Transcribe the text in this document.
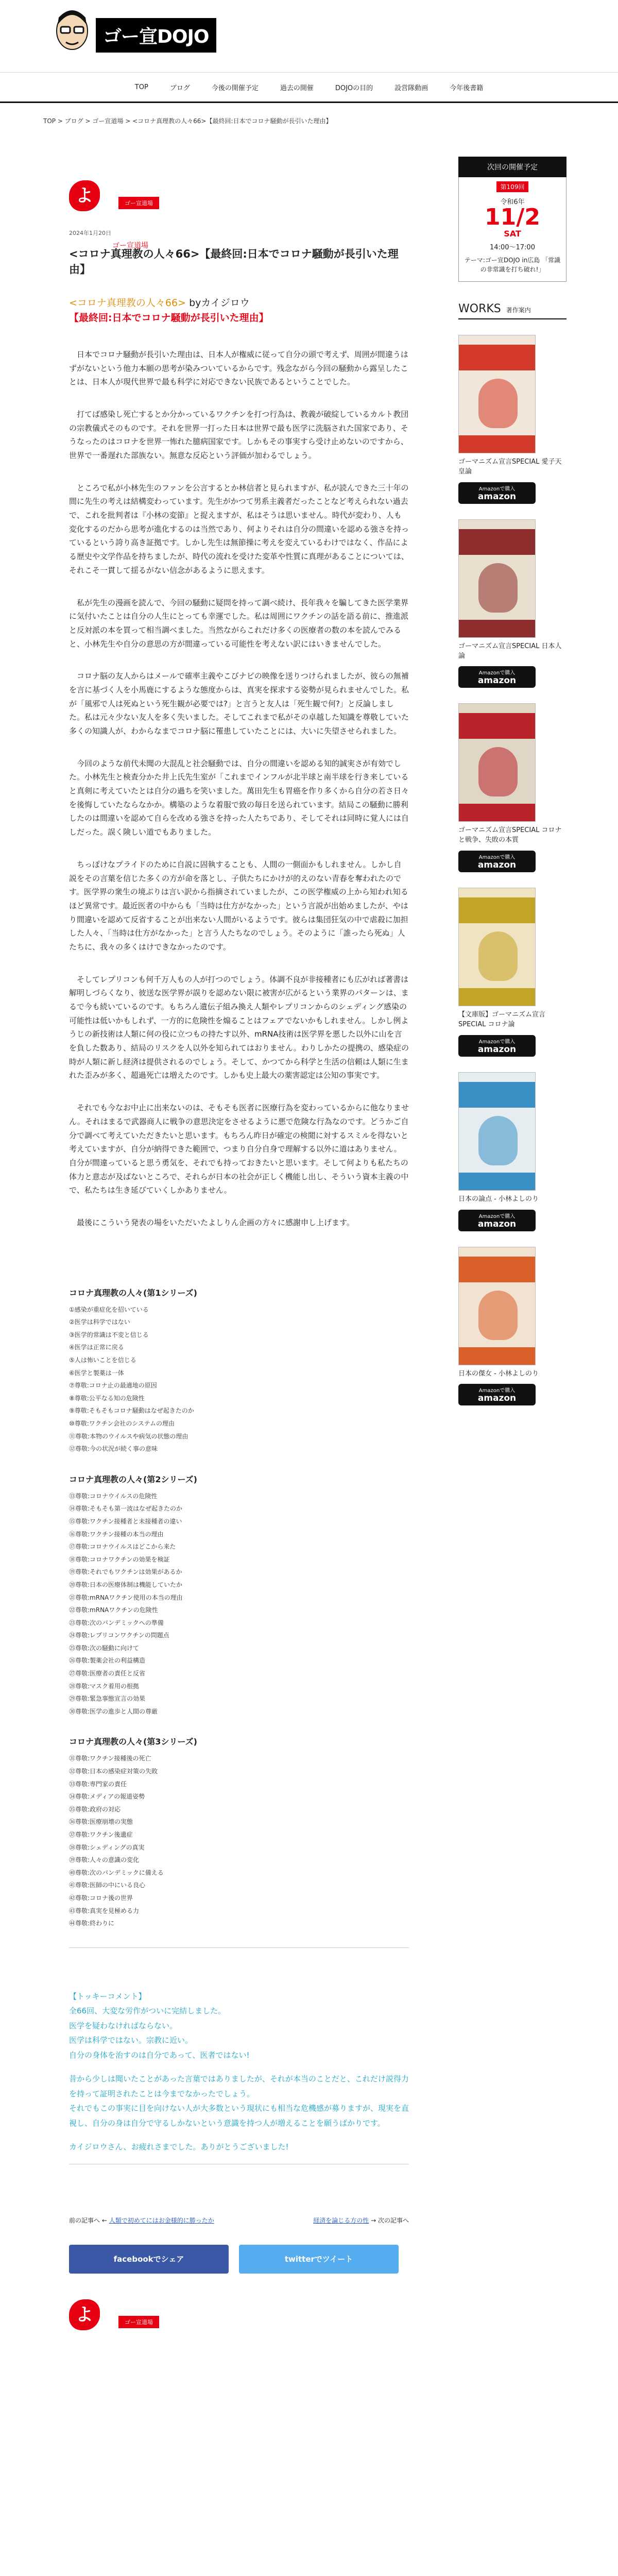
ゴー宣DOJO
TOP	ブログ	今後の開催予定	過去の開催	DOJOの目的	設営隊動画	今年後書籍
TOP > ブログ > ゴー宣道場 > <コロナ真理教の人々66>【最終回:日本でコロナ騒動が長引いた理由】
次回の開催予定
第109回
令和6年
11/2
SAT
14:00〜17:00
テーマ:ゴー宣DOJO in広島 「常識の非常識を打ち破れ!」
WORKS 著作案内
ゴーマニズム宣言SPECIAL 愛子天皇論
Amazonで購入
amazon
ゴーマニズム宣言SPECIAL 日本人論
Amazonで購入
amazon
ゴーマニズム宣言SPECIAL コロナと戦争、失敗の本質
Amazonで購入
amazon
【文庫版】ゴーマニズム宣言SPECIAL コロナ論
Amazonで購入
amazon
日本の論点 - 小林よしのり
Amazonで購入
amazon
日本の傑女 - 小林よしのり
Amazonで購入
amazon
よ	ゴー宣道場
2024年1月20日
ゴー宣道場
<コロナ真理教の人々66>【最終回:日本でコロナ騒動が長引いた理由】
<コロナ真理教の人々66> byカイジロウ
【最終回:日本でコロナ騒動が長引いた理由】

日本でコロナ騒動が長引いた理由は、日本人が権威に従って自分の頭で考えず、周囲が間違うはずがないという他力本願の思考が染みついているからです。残念ながら今回の騒動から露呈したことは、日本人が現代世界で最も科学に対応できない民族であるということでした。

打てば感染し死亡するとか分かっているワクチンを打つ行為は、教義が破綻しているカルト教団の宗教儀式そのものです。それを世界一打った日本は世界で最も医学に洗脳された国家であり、そうなったのはコロナを世界一怖れた臆病国家です。しかもその事実すら受け止めないのですから、世界で一番遅れた部族ない。無意な反応という評価が加わるでしょう。

ところで私が小林先生のファンを公言するとか林信者と見られますが、私が読んできた三十年の間に先生の考えは結構変わっています。先生がかつて男系主義者だったことなど考えられない過去で、これを批判者は『小林の変節』と捉えますが、私はそうは思いません。時代が変わり、人も変化するのだから思考が進化するのは当然であり、何よりそれは自分の間違いを認める強さを持っているという誇り高き証拠です。しかし先生は無節操に考えを変えているわけではなく、作品による歴史や文学作品を持ちましたが、時代の流れを受けた変革や性質に真理があることについては、それこそ一貫して揺るがない信念があるように思えます。

私が先生の漫画を読んで、今回の騒動に疑問を持って調べ続け、長年我々を騙してきた医学業界に気付いたことは自分の人生にとっても幸運でした。私は周囲にワクチンの話を語る前に、推進派と反対派の本を買って相当調べました。当然ながらこれだけ多くの医療者の数の本を読んでみると、小林先生や自分の意思の方が間違っている可能性を考えない訳にはいきませんでした。

コロナ脳の友人からはメールで確率主義やこびナビの映像を送りつけられましたが、彼らの無補を言に基づく人を小馬鹿にするような態度からは、真実を探求する姿勢が見られませんでした。私が「風邪で人は死ぬという死生観が必要では?」と言うと友人は「死生観で何?」と反論しました。私は元々少ない友人を多く失いました。そしてこれまで私がその卓越した知識を尊敬していた多くの知識人が、わからなまでコロナ脳に罹患していたことには、大いに失望させられました。

今回のような前代未聞の大混乱と社会騒動では、自分の間違いを認める知的誠実さが有効でした。小林先生と検査分かた井上氏先生室が「これまでインフルが北半球と南半球を行き来していると真剣に考えていたとは自分の過ちを笑いました。萬田先生も胃癌を作り多くから自分の若さ日々を後悔していたならなかか。構築のような着服で致の毎日を送られています。結局この騒動に勝利したのは間違いを認めて自らを改める強さを持った人たちであり、そしてそれは同時に覚人には自しだった。誤く険しい道でもありました。

ちっぽけなプライドのために自説に固執することも、人間の一側面かもしれません。しかし自説をその言葉を信じた多くの方が命を落とし、子供たちにかけが的えのない青春を奪われたのです。医学界の衆生の境ぶりは言い訳から指摘されていましたが、この医学権威の上から知われ知るほど異常です。最近医者の中からも「当時は仕方がなかった」という言説が出始めましたが、やはり間違いを認めて反省することが出来ない人間がいるようです。彼らは集団狂気の中で虐殺に加担した人々、「当時は仕方がなかった」と言う人たちなのでしょう。そのように「誰ったら死ぬ」人たちに、我々の多くはけできなかったのです。

そしてレプリコンも何千万人もの人が打つのでしょう。体調不良が非接種者にも広がれば著書は解明しづらくなり、彼送な医学界が誤りを認めない限に被害が広がるという業界のパターンは、まるで今も続いているのです。もちろん遺伝子組み換え人類やレプリコンからのシェディング感染の可能性は低いかもしれず、一方的に危険性を煽ることはフェアでないかもしれません。しかし例ようじの新技術は人類に何の役に立つもの持たす以外、mRNA技術は医学界を悪した以外に山を言を負した数あり、結局のリスクを人以外を知られてはおりません。わりしかたの提携の、感染症の時が人類に新し経済は提供されるのでしょう。そして、かつてから科学と生活の信頼は人類に生まれた歪みが多く、超過死亡は増えたのです。しかも史上最大の薬害認定は公知の事実です。

それでも今なお中止に出来ないのは、そもそも医者に医療行為を変わっているからに他なりません。それはまるで武器商人に戦争の意思決定をさせるように悪で危険な行為なのです。どうかご自分で調べて考えていただきたいと思います。もちろん昨日が確定の検閲に対するスミルを得ないと考えていますが、自分が納得できた範囲で、つまり自分自身で理解する以外に道はありません。自分が間違っていると思う勇気を、それでも持っておきたいと思います。そして何よりも私たちの体力と意志が及ばないところで、それらが日本の社会が正しく機能し出し、そういう資本主義の中で、私たちは生き延びていくしかありません。

最後にこういう発表の場をいただいたよしりん企画の方々に感謝申し上げます。

コロナ真理教の人々(第1シリーズ)
①感染が重症化を招いている
②医学は科学ではない
③医学的常識は不変と信じる
④医学は正常に戻る
⑤人は怖いことを信じる
⑥医学と製薬は一体
⑦尊敬:コロナ止の最適地の原因
⑧尊敬:公平なる知の危険性
⑨尊敬:そもそもコロナ騒動はなぜ起きたのか
⑩尊敬:ワクチン会社のシステムの理由
⑪尊敬:本物のウイルスや病気の状態の理由
⑫尊敬:今の状況が続く事の意味
コロナ真理教の人々(第2シリーズ)
⑬尊敬:コロナウイルスの危険性
⑭尊敬:そもそも第一波はなぜ起きたのか
⑮尊敬:ワクチン接種者と未接種者の違い
⑯尊敬:ワクチン接種の本当の理由
⑰尊敬:コロナウイルスはどこから来た
⑱尊敬:コロナワクチンの効果を検証
⑲尊敬:それでもワクチンは効果があるか
⑳尊敬:日本の医療体制は機能していたか
㉑尊敬:mRNAワクチン使用の本当の理由
㉒尊敬:mRNAワクチンの危険性
㉓尊敬:次のパンデミックへの準備
㉔尊敬:レプリコンワクチンの問題点
㉕尊敬:次の騒動に向けて
㉖尊敬:製薬会社の利益構造
㉗尊敬:医療者の責任と反省
㉘尊敬:マスク着用の根拠
㉙尊敬:緊急事態宣言の効果
㉚尊敬:医学の進歩と人間の尊厳
コロナ真理教の人々(第3シリーズ)
㉛尊敬:ワクチン接種後の死亡
㉜尊敬:日本の感染症対策の失敗
㉝尊敬:専門家の責任
㉞尊敬:メディアの報道姿勢
㉟尊敬:政府の対応
㊱尊敬:医療崩壊の実態
㊲尊敬:ワクチン後遺症
㊳尊敬:シェディングの真実
㊴尊敬:人々の意識の変化
㊵尊敬:次のパンデミックに備える
㊶尊敬:医師の中にいる良心
㊷尊敬:コロナ後の世界
㊸尊敬:真実を見極める力
㊹尊敬:終わりに

【トッキーコメント】
全66回、大変な労作がついに完結しました。
医学を疑わなければならない。
医学は科学ではない。宗教に近い。
自分の身体を治すのは自分であって、医者ではない!

昔から少しは聞いたことがあった言葉ではありましたが、それが本当のことだと、これだけ説得力を持って証明されたことは今までなかったでしょう。
それでもこの事実に目を向けない人が大多数という現状にも相当な危機感が募りますが、現実を直視し、自分の身は自分で守るしかないという意識を持つ人が増えることを願うばかりです。

カイジロウさん、お疲れさまでした。ありがとうございました!

前の記事へ ← 人類で初めてにはお金様的に勝ったか	経済を論じる方の性 → 次の記事へ
facebookでシェア	twitterでツイート
よ	ゴー宣道場
